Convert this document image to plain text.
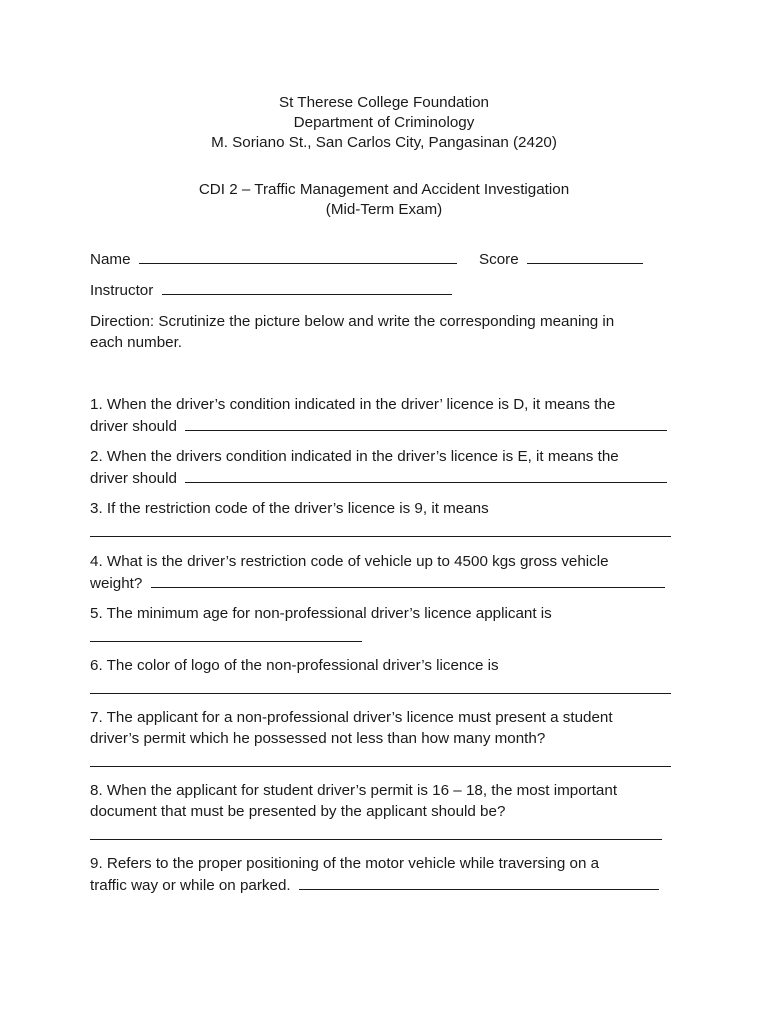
St Therese College Foundation
Department of Criminology
M. Soriano St., San Carlos City, Pangasinan (2420)
CDI 2 – Traffic Management and Accident Investigation
(Mid-Term Exam)
Name	Score
Instructor

Direction: Scrutinize the picture below and write the corresponding meaning in

each number.

1. When the driver’s condition indicated in the driver’ licence is D, it means the

driver should

2. When the drivers condition indicated in the driver’s licence is E, it means the

driver should

3. If the restriction code of the driver’s licence is 9, it means

4. What is the driver’s restriction code of vehicle up to 4500 kgs gross vehicle

weight?

5. The minimum age for non-professional driver’s licence applicant is

6. The color of logo of the non-professional driver’s licence is

7. The applicant for a non-professional driver’s licence must present a student

driver’s permit which he possessed not less than how many month?

8. When the applicant for student driver’s permit is 16 – 18, the most important

document that must be presented by the applicant should be?

9. Refers to the proper positioning of the motor vehicle while traversing on a

traffic way or while on parked.
